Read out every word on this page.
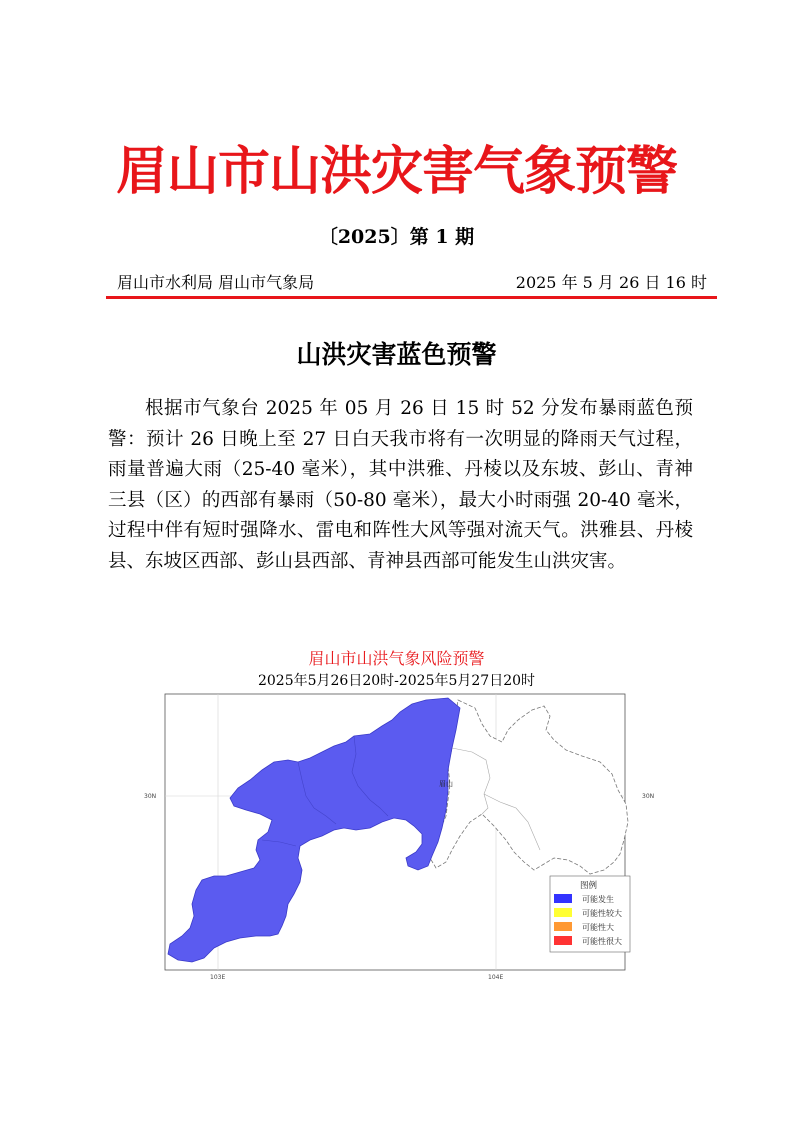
眉山市山洪灾害气象预警
〔2025〕第 1 期
眉山市水利局 眉山市气象局	2025 年 5 月 26 日 16 时
山洪灾害蓝色预警
根据市气象台 2025 年 05 月 26 日 15 时 52 分发布暴雨蓝色预警：预计 26 日晚上至 27 日白天我市将有一次明显的降雨天气过程，雨量普遍大雨（25-40 毫米），其中洪雅、丹棱以及东坡、彭山、青神三县（区）的西部有暴雨（50-80 毫米），最大小时雨强 20-40 毫米，过程中伴有短时强降水、雷电和阵性大风等强对流天气。洪雅县、丹棱县、东坡区西部、彭山县西部、青神县西部可能发生山洪灾害。
眉山市山洪气象风险预警
2025年5月26日20时-2025年5月27日20时
30N	30N
103E	104E
眉山
图例
可能发生
可能性较大
可能性大
可能性很大
